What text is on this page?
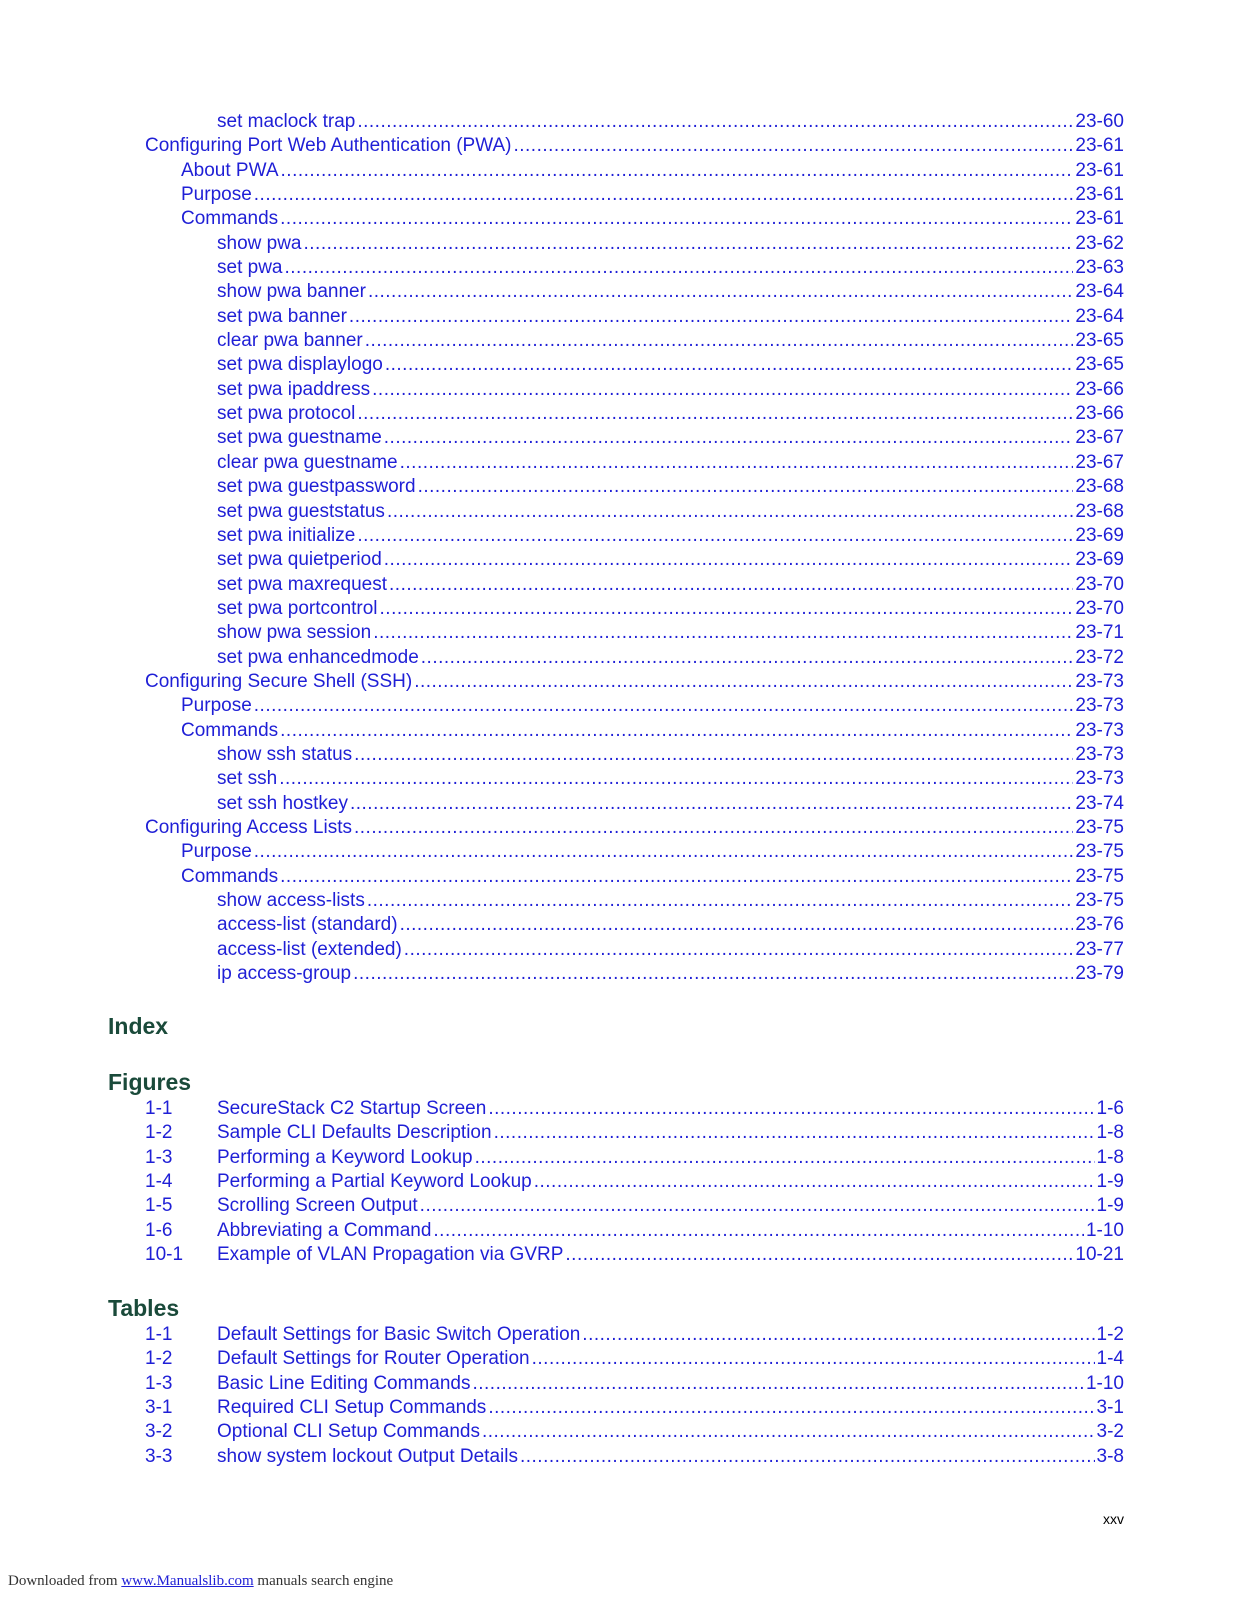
set maclock trap .....	23-60
Configuring Port Web Authentication (PWA) .....	23-61
About PWA .....	23-61
Purpose .....	23-61
Commands .....	23-61
show pwa .....	23-62
set pwa .....	23-63
show pwa banner .....	23-64
set pwa banner .....	23-64
clear pwa banner .....	23-65
set pwa displaylogo .....	23-65
set pwa ipaddress .....	23-66
set pwa protocol .....	23-66
set pwa guestname .....	23-67
clear pwa guestname .....	23-67
set pwa guestpassword .....	23-68
set pwa gueststatus .....	23-68
set pwa initialize .....	23-69
set pwa quietperiod .....	23-69
set pwa maxrequest .....	23-70
set pwa portcontrol .....	23-70
show pwa session .....	23-71
set pwa enhancedmode .....	23-72
Configuring Secure Shell (SSH) .....	23-73
Purpose .....	23-73
Commands .....	23-73
show ssh status .....	23-73
set ssh .....	23-73
set ssh hostkey .....	23-74
Configuring Access Lists .....	23-75
Purpose .....	23-75
Commands .....	23-75
show access-lists .....	23-75
access-list (standard) .....	23-76
access-list (extended) .....	23-77
ip access-group .....	23-79
Index
Figures
1-1	SecureStack C2 Startup Screen .....	1-6
1-2	Sample CLI Defaults Description .....	1-8
1-3	Performing a Keyword Lookup .....	1-8
1-4	Performing a Partial Keyword Lookup .....	1-9
1-5	Scrolling Screen Output .....	1-9
1-6	Abbreviating a Command .....	1-10
10-1	Example of VLAN Propagation via GVRP .....	10-21
Tables
1-1	Default Settings for Basic Switch Operation .....	1-2
1-2	Default Settings for Router Operation .....	1-4
1-3	Basic Line Editing Commands .....	1-10
3-1	Required CLI Setup Commands .....	3-1
3-2	Optional CLI Setup Commands .....	3-2
3-3	show system lockout Output Details .....	3-8
xxv
Downloaded from www.Manualslib.com manuals search engine
